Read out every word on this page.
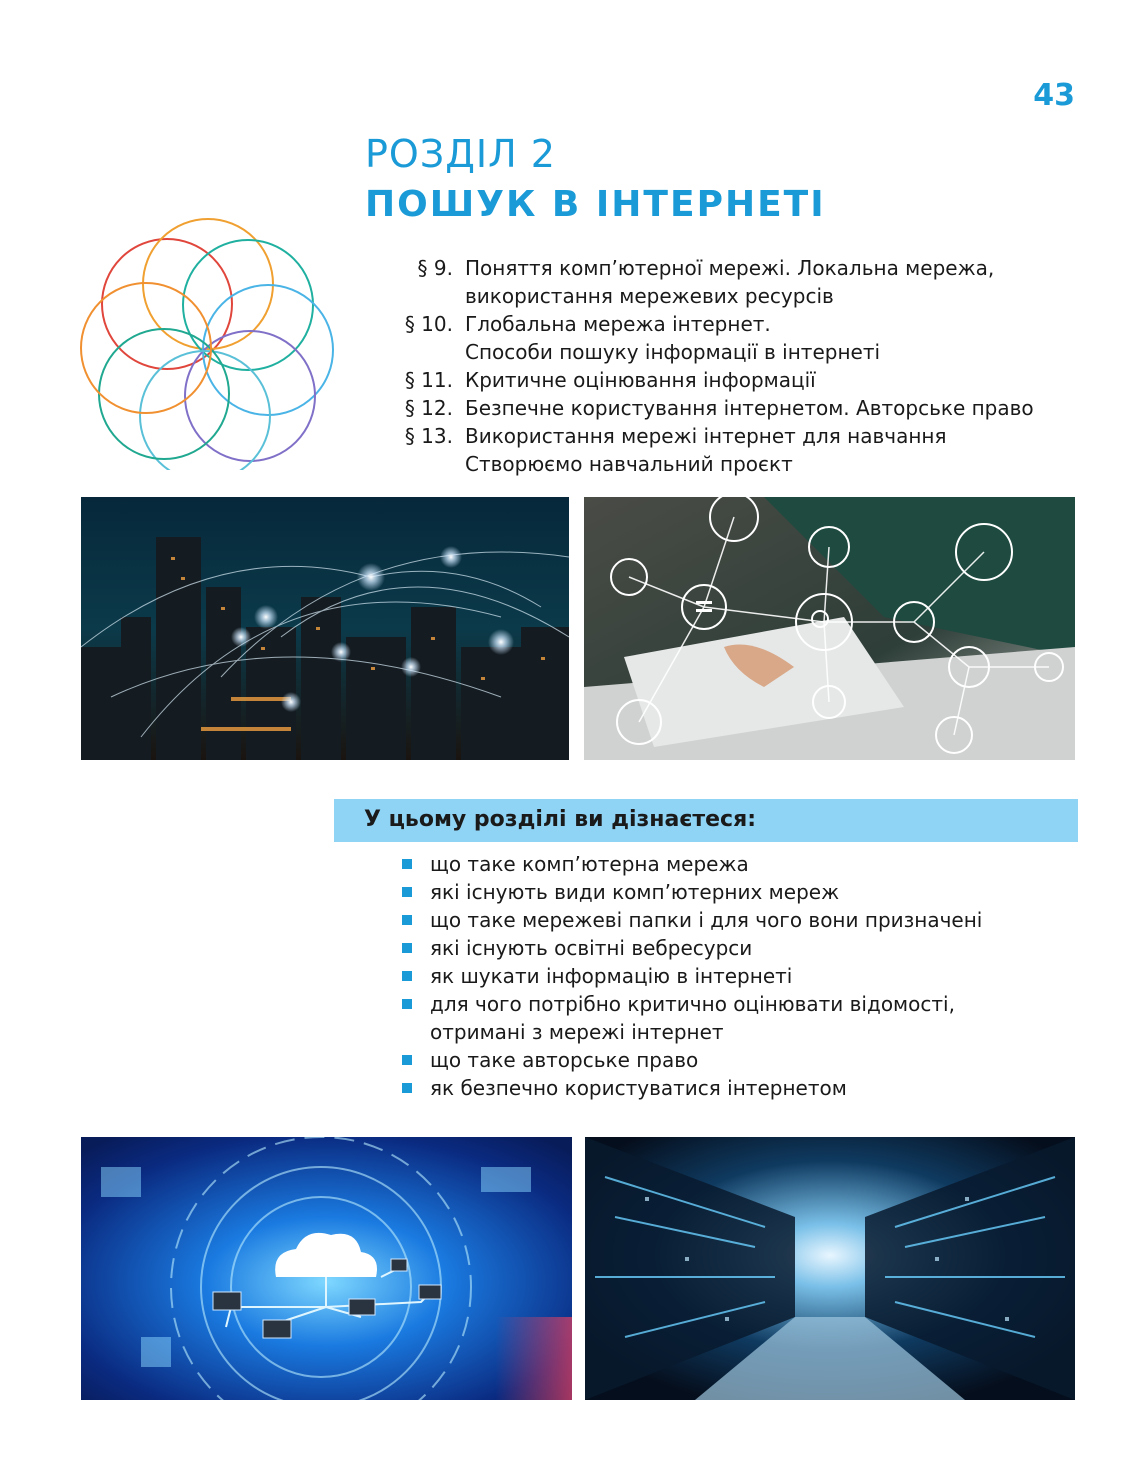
43
РОЗДІЛ 2
ПОШУК В ІНТЕРНЕТІ
§ 9. Поняття комп’ютерної мережі. Локальна мережа,
використання мережевих ресурсів
§ 10. Глобальна мережа інтернет.
Способи пошуку інформації в інтернеті
§ 11. Критичне оцінювання інформації
§ 12. Безпечне користування інтернетом. Авторське право
§ 13. Використання мережі інтернет для навчання
Створюємо навчальний проєкт
У цьому розділі ви дізнаєтеся:
що таке комп’ютерна мережа
які існують види комп’ютерних мереж
що таке мережеві папки і для чого вони призначені
які існують освітні вебресурси
як шукати інформацію в інтернеті
для чого потрібно критично оцінювати відомості,
отримані з мережі інтернет
що таке авторське право
як безпечно користуватися інтернетом
